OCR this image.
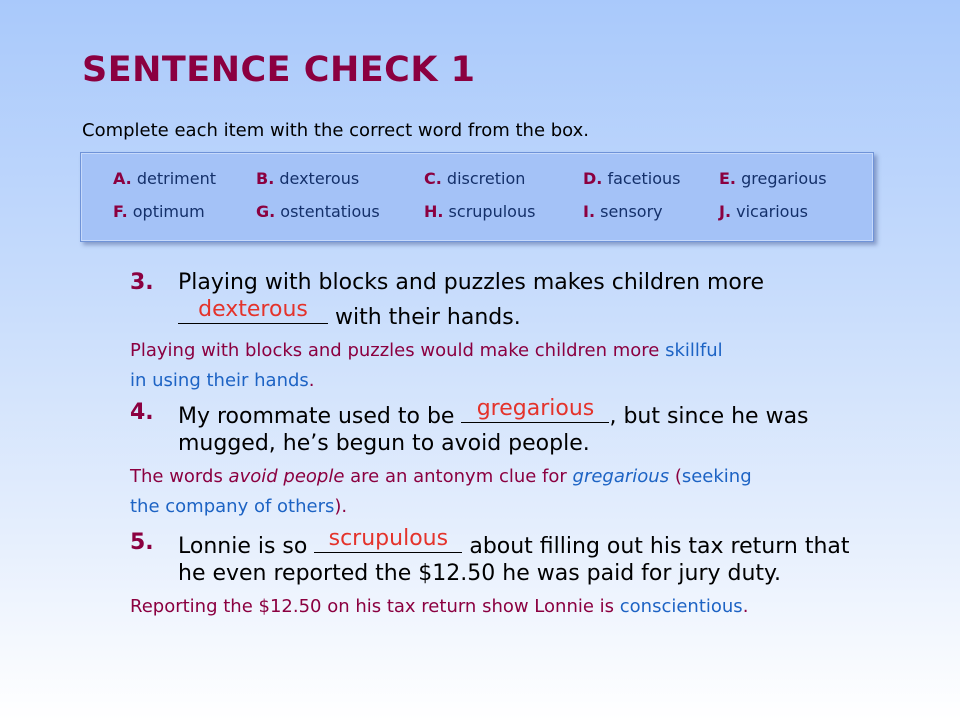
SENTENCE CHECK 1
Complete each item with the correct word from the box.
A. detriment	B. dexterous	C. discretion	D. facetious E. gregarious
F. optimum	G. ostentatious	H. scrupulous	I. sensory	J. vicarious
3. Playing with blocks and puzzles makes children more
dexterous with their hands.
Playing with blocks and puzzles would make children more skillful
in using their hands.
4. My roommate used to be gregarious , but since he was
mugged, he’s begun to avoid people.
The words avoid people are an antonym clue for gregarious (seeking
the company of others).
5. Lonnie is so scrupulous about filling out his tax return that
he even reported the $12.50 he was paid for jury duty.
Reporting the $12.50 on his tax return show Lonnie is conscientious.
